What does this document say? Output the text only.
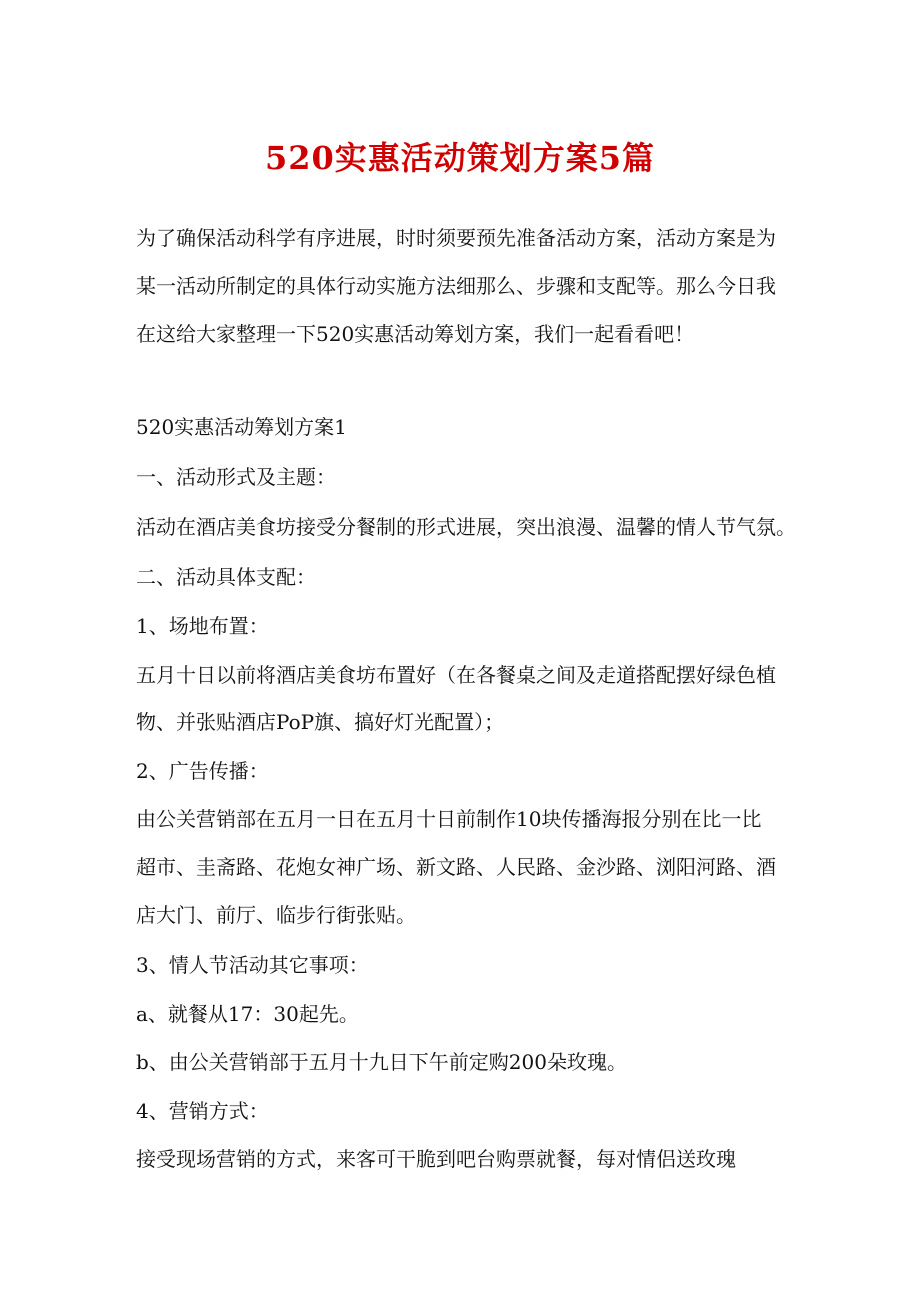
520实惠活动策划方案5篇

为了确保活动科学有序进展，时时须要预先准备活动方案，活动方案是为

某一活动所制定的具体行动实施方法细那么、步骤和支配等。那么今日我

在这给大家整理一下520实惠活动筹划方案，我们一起看看吧！

520实惠活动筹划方案1

一、活动形式及主题：

活动在酒店美食坊接受分餐制的形式进展，突出浪漫、温馨的情人节气氛。

二、活动具体支配：

1、场地布置：

五月十日以前将酒店美食坊布置好（在各餐桌之间及走道搭配摆好绿色植

物、并张贴酒店PoP旗、搞好灯光配置）；

2、广告传播：

由公关营销部在五月一日在五月十日前制作10块传播海报分别在比一比

超市、圭斋路、花炮女神广场、新文路、人民路、金沙路、浏阳河路、酒

店大门、前厅、临步行街张贴。

3、情人节活动其它事项：

a、就餐从17：30起先。

b、由公关营销部于五月十九日下午前定购200朵玫瑰。

4、营销方式：

接受现场营销的方式，来客可干脆到吧台购票就餐，每对情侣送玫瑰
